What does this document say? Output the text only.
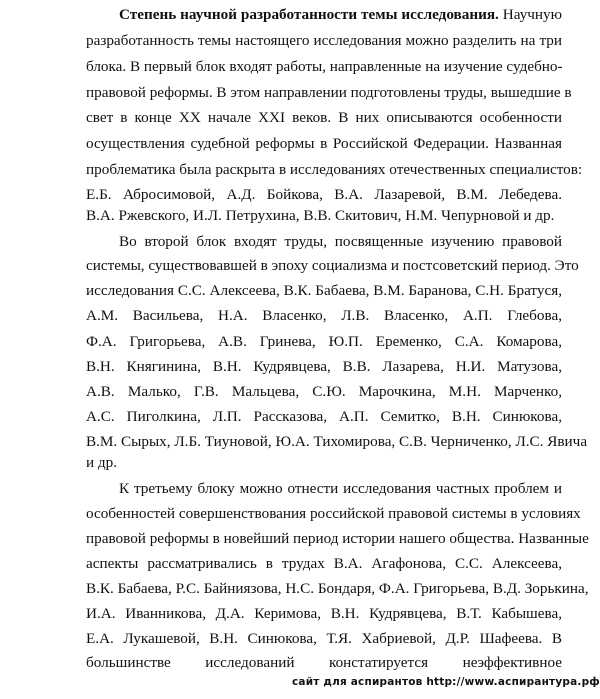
Степень научной разработанности темы исследования. Научную
разработанность темы настоящего исследования можно разделить на три
блока. В первый блок входят работы, направленные на изучение судебно-
правовой реформы. В этом направлении подготовлены труды, вышедшие в
свет в конце XX начале XXI веков. В них описываются особенности
осуществления судебной реформы в Российской Федерации. Названная
проблематика была раскрыта в исследованиях отечественных специалистов:
Е.Б. Абросимовой, А.Д. Бойкова, В.А. Лазаревой, В.М. Лебедева.
В.А. Ржевского, И.Л. Петрухина, В.В. Скитович, Н.М. Чепурновой и др.
Во второй блок входят труды, посвященные изучению правовой
системы, существовавшей в эпоху социализма и постсоветский период. Это
исследования С.С. Алексеева, В.К. Бабаева, В.М. Баранова, С.Н. Братуся,
А.М. Васильева, Н.А. Власенко, Л.В. Власенко, А.П. Глебова,
Ф.А. Григорьева, А.В. Гринева, Ю.П. Еременко, С.А. Комарова,
В.Н. Княгинина, В.Н. Кудрявцева, В.В. Лазарева, Н.И. Матузова,
А.В. Малько, Г.В. Мальцева, С.Ю. Марочкина, М.Н. Марченко,
А.С. Пиголкина, Л.П. Рассказова, А.П. Семитко, В.Н. Синюкова,
В.М. Сырых, Л.Б. Тиуновой, Ю.А. Тихомирова, С.В. Черниченко, Л.С. Явича
и др.
К третьему блоку можно отнести исследования частных проблем и
особенностей совершенствования российской правовой системы в условиях
правовой реформы в новейший период истории нашего общества. Названные
аспекты рассматривались в трудах В.А. Агафонова, С.С. Алексеева,
В.К. Бабаева, Р.С. Байниязова, Н.С. Бондаря, Ф.А. Григорьева, В.Д. Зорькина,
И.А. Иванникова, Д.А. Керимова, В.Н. Кудрявцева, В.Т. Кабышева,
Е.А. Лукашевой, В.Н. Синюкова, Т.Я. Хабриевой, Д.Р. Шафеева. В
большинстве исследований констатируется неэффективное
сайт для аспирантов http://www.аспирантура.рф
